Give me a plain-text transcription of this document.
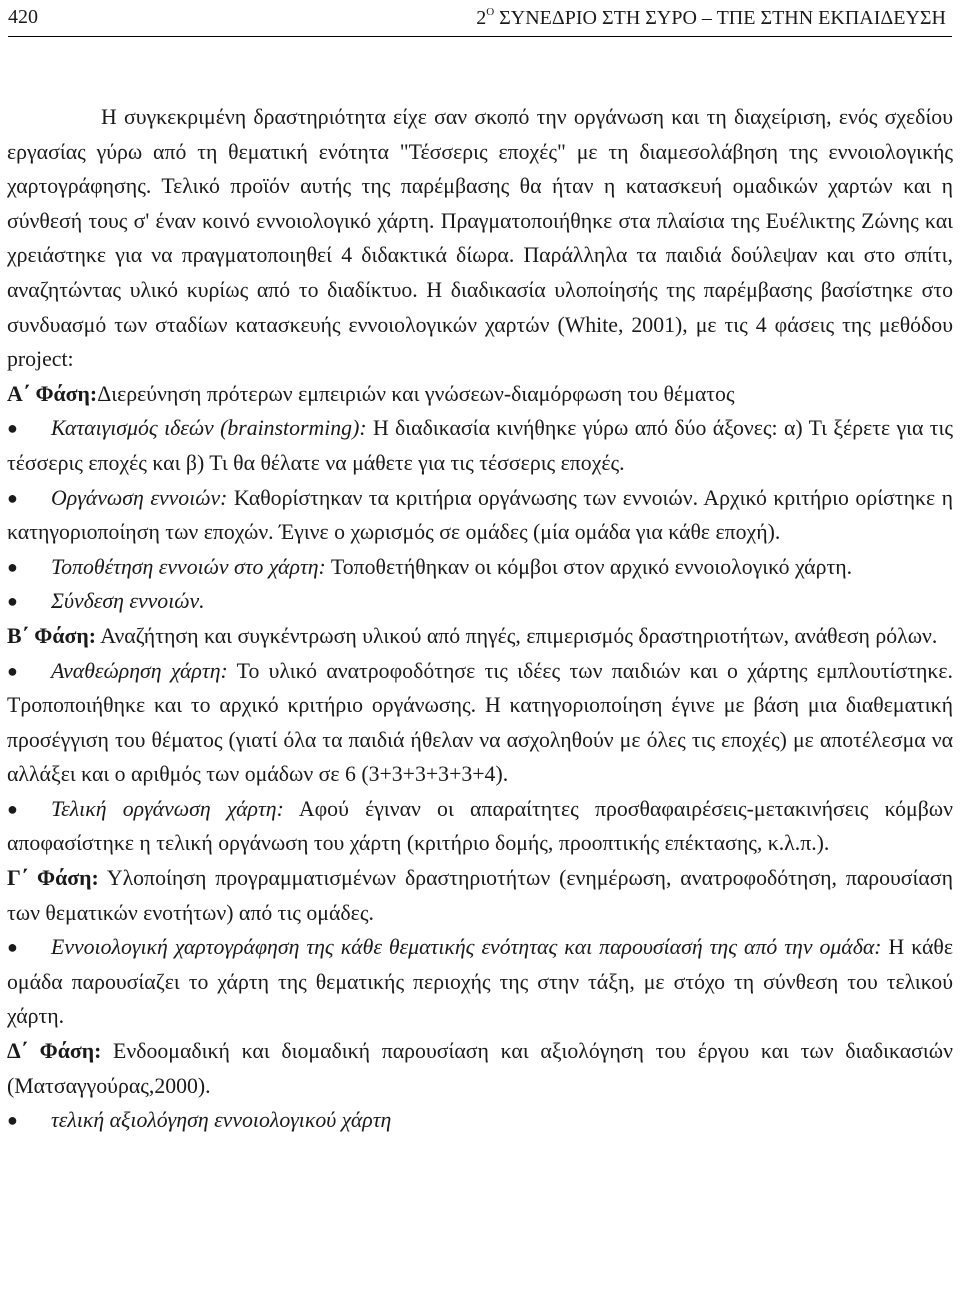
420	$2^O$ ΣΥΝΕΔΡΙΟ ΣΤΗ ΣΥΡΟ – ΤΠΕ ΣΤΗΝ ΕΚΠΑΙΔΕΥΣΗ

Η συγκεκριμένη δραστηριότητα είχε σαν σκοπό την οργάνωση και τη διαχείριση, ενός σχεδίου εργασίας γύρω από τη θεματική ενότητα "Τέσσερις εποχές" με τη διαμεσολάβηση της εννοιολογικής χαρτογράφησης. Τελικό προϊόν αυτής της παρέμβασης θα ήταν η κατασκευή ομαδικών χαρτών και η σύνθεσή τους σ' έναν κοινό εννοιολογικό χάρτη. Πραγματοποιήθηκε στα πλαίσια της Ευέλικτης Ζώνης και χρειάστηκε για να πραγματοποιηθεί 4 διδακτικά δίωρα. Παράλληλα τα παιδιά δούλεψαν και στο σπίτι, αναζητώντας υλικό κυρίως από το διαδίκτυο. Η διαδικασία υλοποίησής της παρέμβασης βασίστηκε στο συνδυασμό των σταδίων κατασκευής εννοιολογικών χαρτών (White, 2001), με τις 4 φάσεις της μεθόδου project:

Α΄ Φάση:Διερεύνηση πρότερων εμπειριών και γνώσεων-διαμόρφωση του θέματος

● Καταιγισμός ιδεών (brainstorming): Η διαδικασία κινήθηκε γύρω από δύο άξονες: α) Τι ξέρετε για τις τέσσερις εποχές και β) Τι θα θέλατε να μάθετε για τις τέσσερις εποχές.

● Οργάνωση εννοιών: Καθορίστηκαν τα κριτήρια οργάνωσης των εννοιών. Αρχικό κριτήριο ορίστηκε η κατηγοριοποίηση των εποχών. Έγινε ο χωρισμός σε ομάδες (μία ομάδα για κάθε εποχή).

● Τοποθέτηση εννοιών στο χάρτη: Τοποθετήθηκαν οι κόμβοι στον αρχικό εννοιολογικό χάρτη.

● Σύνδεση εννοιών.

Β΄ Φάση: Αναζήτηση και συγκέντρωση υλικού από πηγές, επιμερισμός δραστηριοτήτων, ανάθεση ρόλων.

● Αναθεώρηση χάρτη: Το υλικό ανατροφοδότησε τις ιδέες των παιδιών και ο χάρτης εμπλουτίστηκε. Τροποποιήθηκε και το αρχικό κριτήριο οργάνωσης. Η κατηγοριοποίηση έγινε με βάση μια διαθεματική προσέγγιση του θέματος (γιατί όλα τα παιδιά ήθελαν να ασχοληθούν με όλες τις εποχές) με αποτέλεσμα να αλλάξει και ο αριθμός των ομάδων σε 6 (3+3+3+3+3+4).

● Τελική οργάνωση χάρτη: Αφού έγιναν οι απαραίτητες προσθαφαιρέσεις-μετακινήσεις κόμβων αποφασίστηκε η τελική οργάνωση του χάρτη (κριτήριο δομής, προοπτικής επέκτασης, κ.λ.π.).

Γ΄ Φάση: Υλοποίηση προγραμματισμένων δραστηριοτήτων (ενημέρωση, ανατροφοδότηση, παρουσίαση των θεματικών ενοτήτων) από τις ομάδες.

● Εννοιολογική χαρτογράφηση της κάθε θεματικής ενότητας και παρουσίασή της από την ομάδα: Η κάθε ομάδα παρουσίαζει το χάρτη της θεματικής περιοχής της στην τάξη, με στόχο τη σύνθεση του τελικού χάρτη.

Δ΄ Φάση: Ενδοομαδική και διομαδική παρουσίαση και αξιολόγηση του έργου και των διαδικασιών (Ματσαγγούρας,2000).

● τελική αξιολόγηση εννοιολογικού χάρτη
